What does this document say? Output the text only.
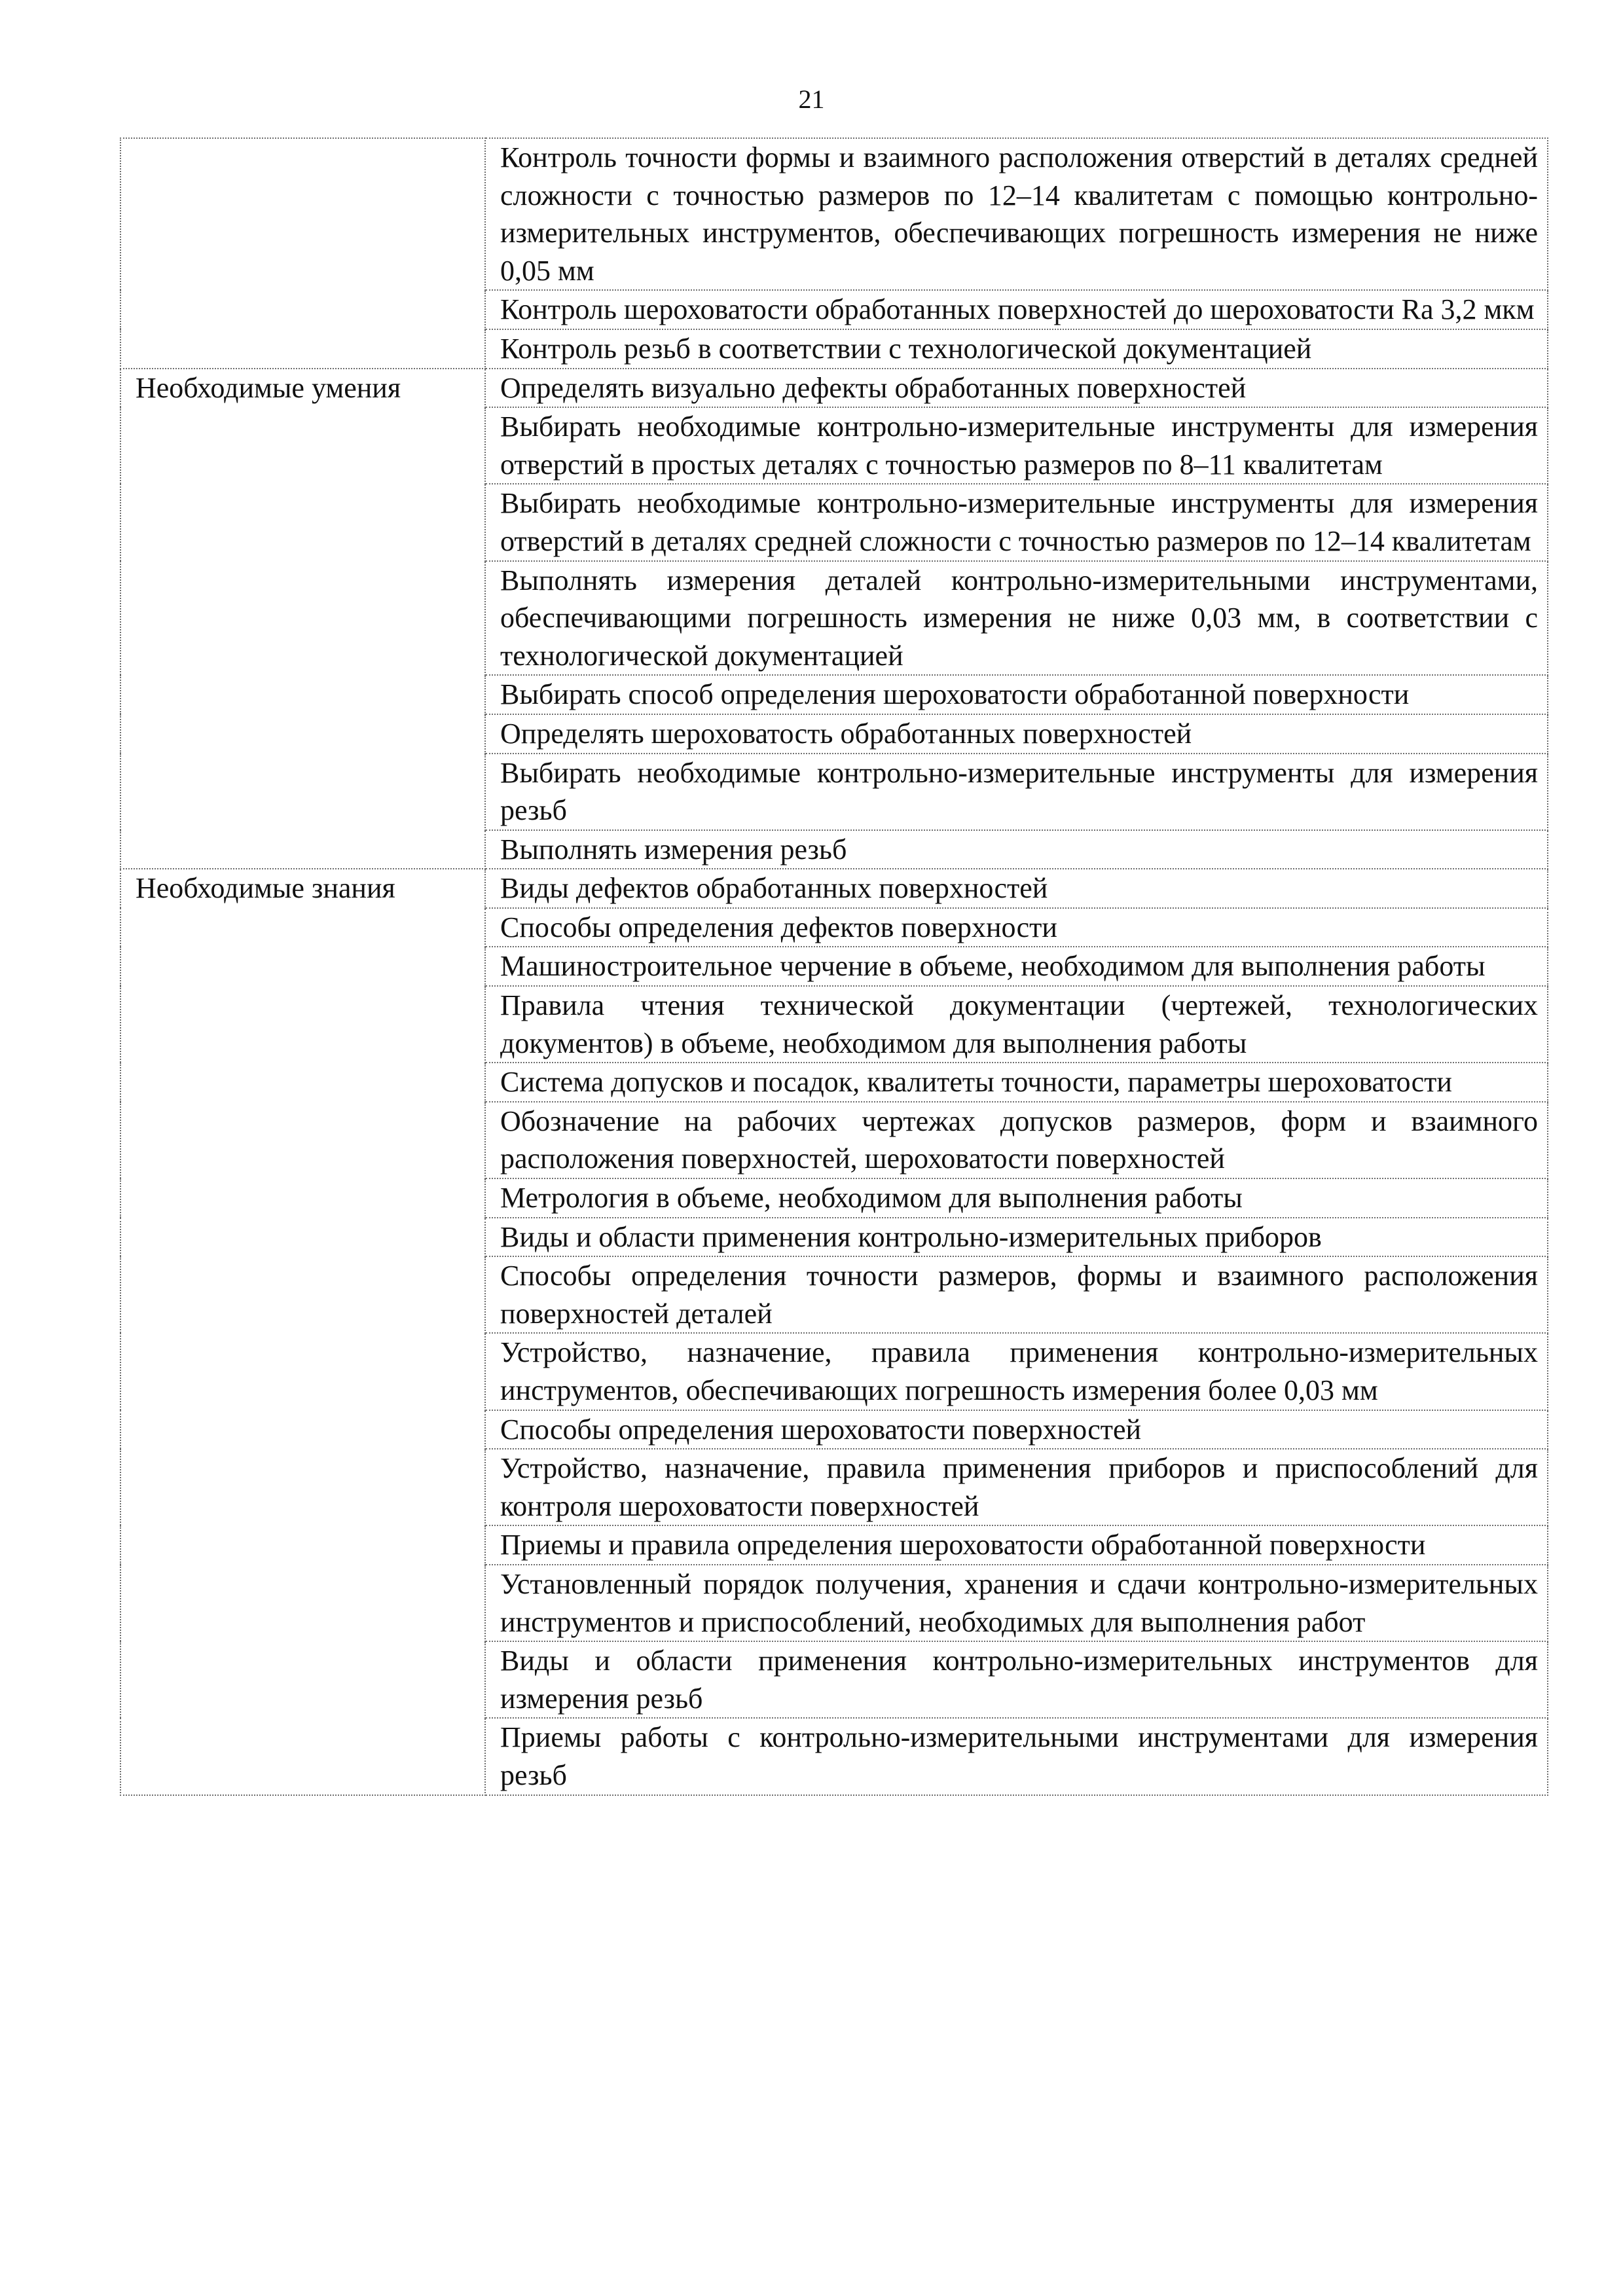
21
	Контроль точности формы и взаимного расположения отверстий в деталях средней сложности с точностью размеров по 12–14 квалитетам с помощью контрольно-измерительных инструментов, обеспечивающих погрешность измерения не ниже 0,05 мм
	Контроль шероховатости обработанных поверхностей до шероховатости Ra 3,2 мкм
	Контроль резьб в соответствии с технологической документацией
Необходимые умения	Определять визуально дефекты обработанных поверхностей
	Выбирать необходимые контрольно-измерительные инструменты для измерения отверстий в простых деталях с точностью размеров по 8–11 квалитетам
	Выбирать необходимые контрольно-измерительные инструменты для измерения отверстий в деталях средней сложности с точностью размеров по 12–14 квалитетам
	Выполнять измерения деталей контрольно-измерительными инструментами, обеспечивающими погрешность измерения не ниже 0,03 мм, в соответствии с технологической документацией
	Выбирать способ определения шероховатости обработанной поверхности
	Определять шероховатость обработанных поверхностей
	Выбирать необходимые контрольно-измерительные инструменты для измерения резьб
	Выполнять измерения резьб
Необходимые знания	Виды дефектов обработанных поверхностей
	Способы определения дефектов поверхности
	Машиностроительное черчение в объеме, необходимом для выполнения работы
	Правила чтения технической документации (чертежей, технологических документов) в объеме, необходимом для выполнения работы
	Система допусков и посадок, квалитеты точности, параметры шероховатости
	Обозначение на рабочих чертежах допусков размеров, форм и взаимного расположения поверхностей, шероховатости поверхностей
	Метрология в объеме, необходимом для выполнения работы
	Виды и области применения контрольно-измерительных приборов
	Способы определения точности размеров, формы и взаимного расположения поверхностей деталей
	Устройство, назначение, правила применения контрольно-измерительных инструментов, обеспечивающих погрешность измерения более 0,03 мм
	Способы определения шероховатости поверхностей
	Устройство, назначение, правила применения приборов и приспособлений для контроля шероховатости поверхностей
	Приемы и правила определения шероховатости обработанной поверхности
	Установленный порядок получения, хранения и сдачи контрольно-измерительных инструментов и приспособлений, необходимых для выполнения работ
	Виды и области применения контрольно-измерительных инструментов для измерения резьб
	Приемы работы с контрольно-измерительными инструментами для измерения резьб
